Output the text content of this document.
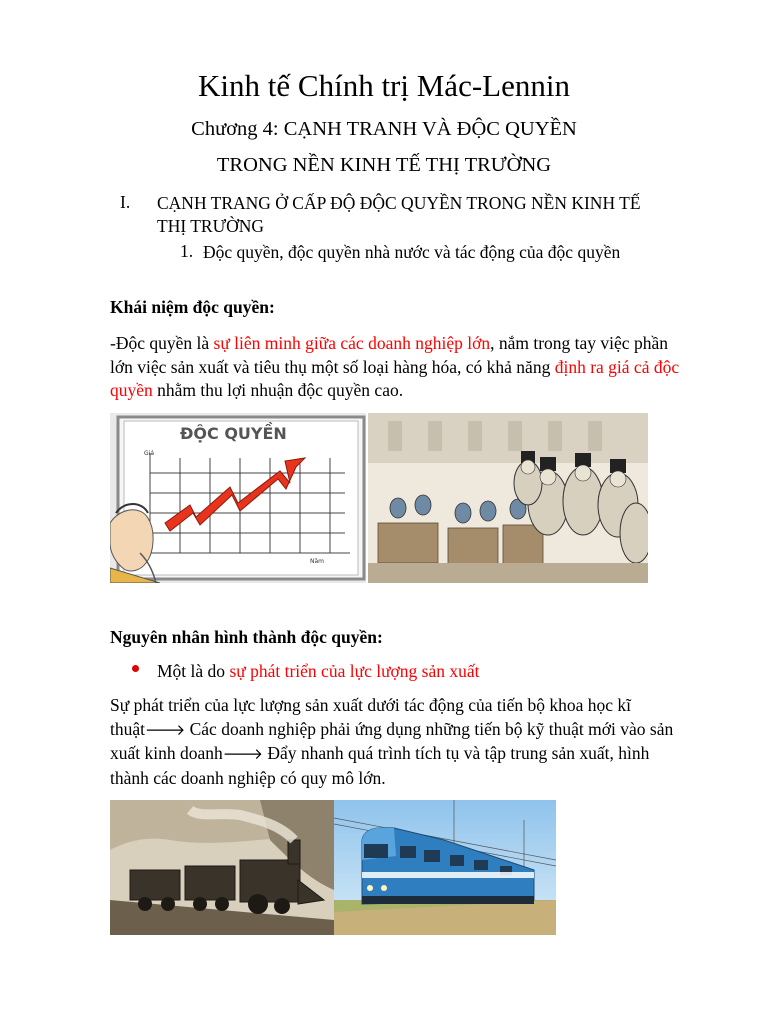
Kinh tế Chính trị Mác-Lennin
Chương 4: CẠNH TRANH VÀ ĐỘC QUYỀN
TRONG NỀN KINH TẾ THỊ TRƯỜNG
I. CẠNH TRANG Ở CẤP ĐỘ ĐỘC QUYỀN TRONG NỀN KINH TẾ THỊ TRƯỜNG
1. Độc quyền, độc quyền nhà nước và tác động của độc quyền
Khái niệm độc quyền:
-Độc quyền là sự liên minh giữa các doanh nghiệp lớn, nắm trong tay việc phần lớn việc sản xuất và tiêu thụ một số loại hàng hóa, có khả năng định ra giá cả độc quyền nhằm thu lợi nhuận độc quyền cao.
ĐỘC QUYỀN
Giá
Năm
Nguyên nhân hình thành độc quyền:
Một là do sự phát triển của lực lượng sản xuất
Sự phát triển của lực lượng sản xuất dưới tác động của tiến bộ khoa học kĩ thuật🡒 Các doanh nghiệp phải ứng dụng những tiến bộ kỹ thuật mới vào sản xuất kinh doanh🡒 Đẩy nhanh quá trình tích tụ và tập trung sản xuất, hình thành các doanh nghiệp có quy mô lớn.
